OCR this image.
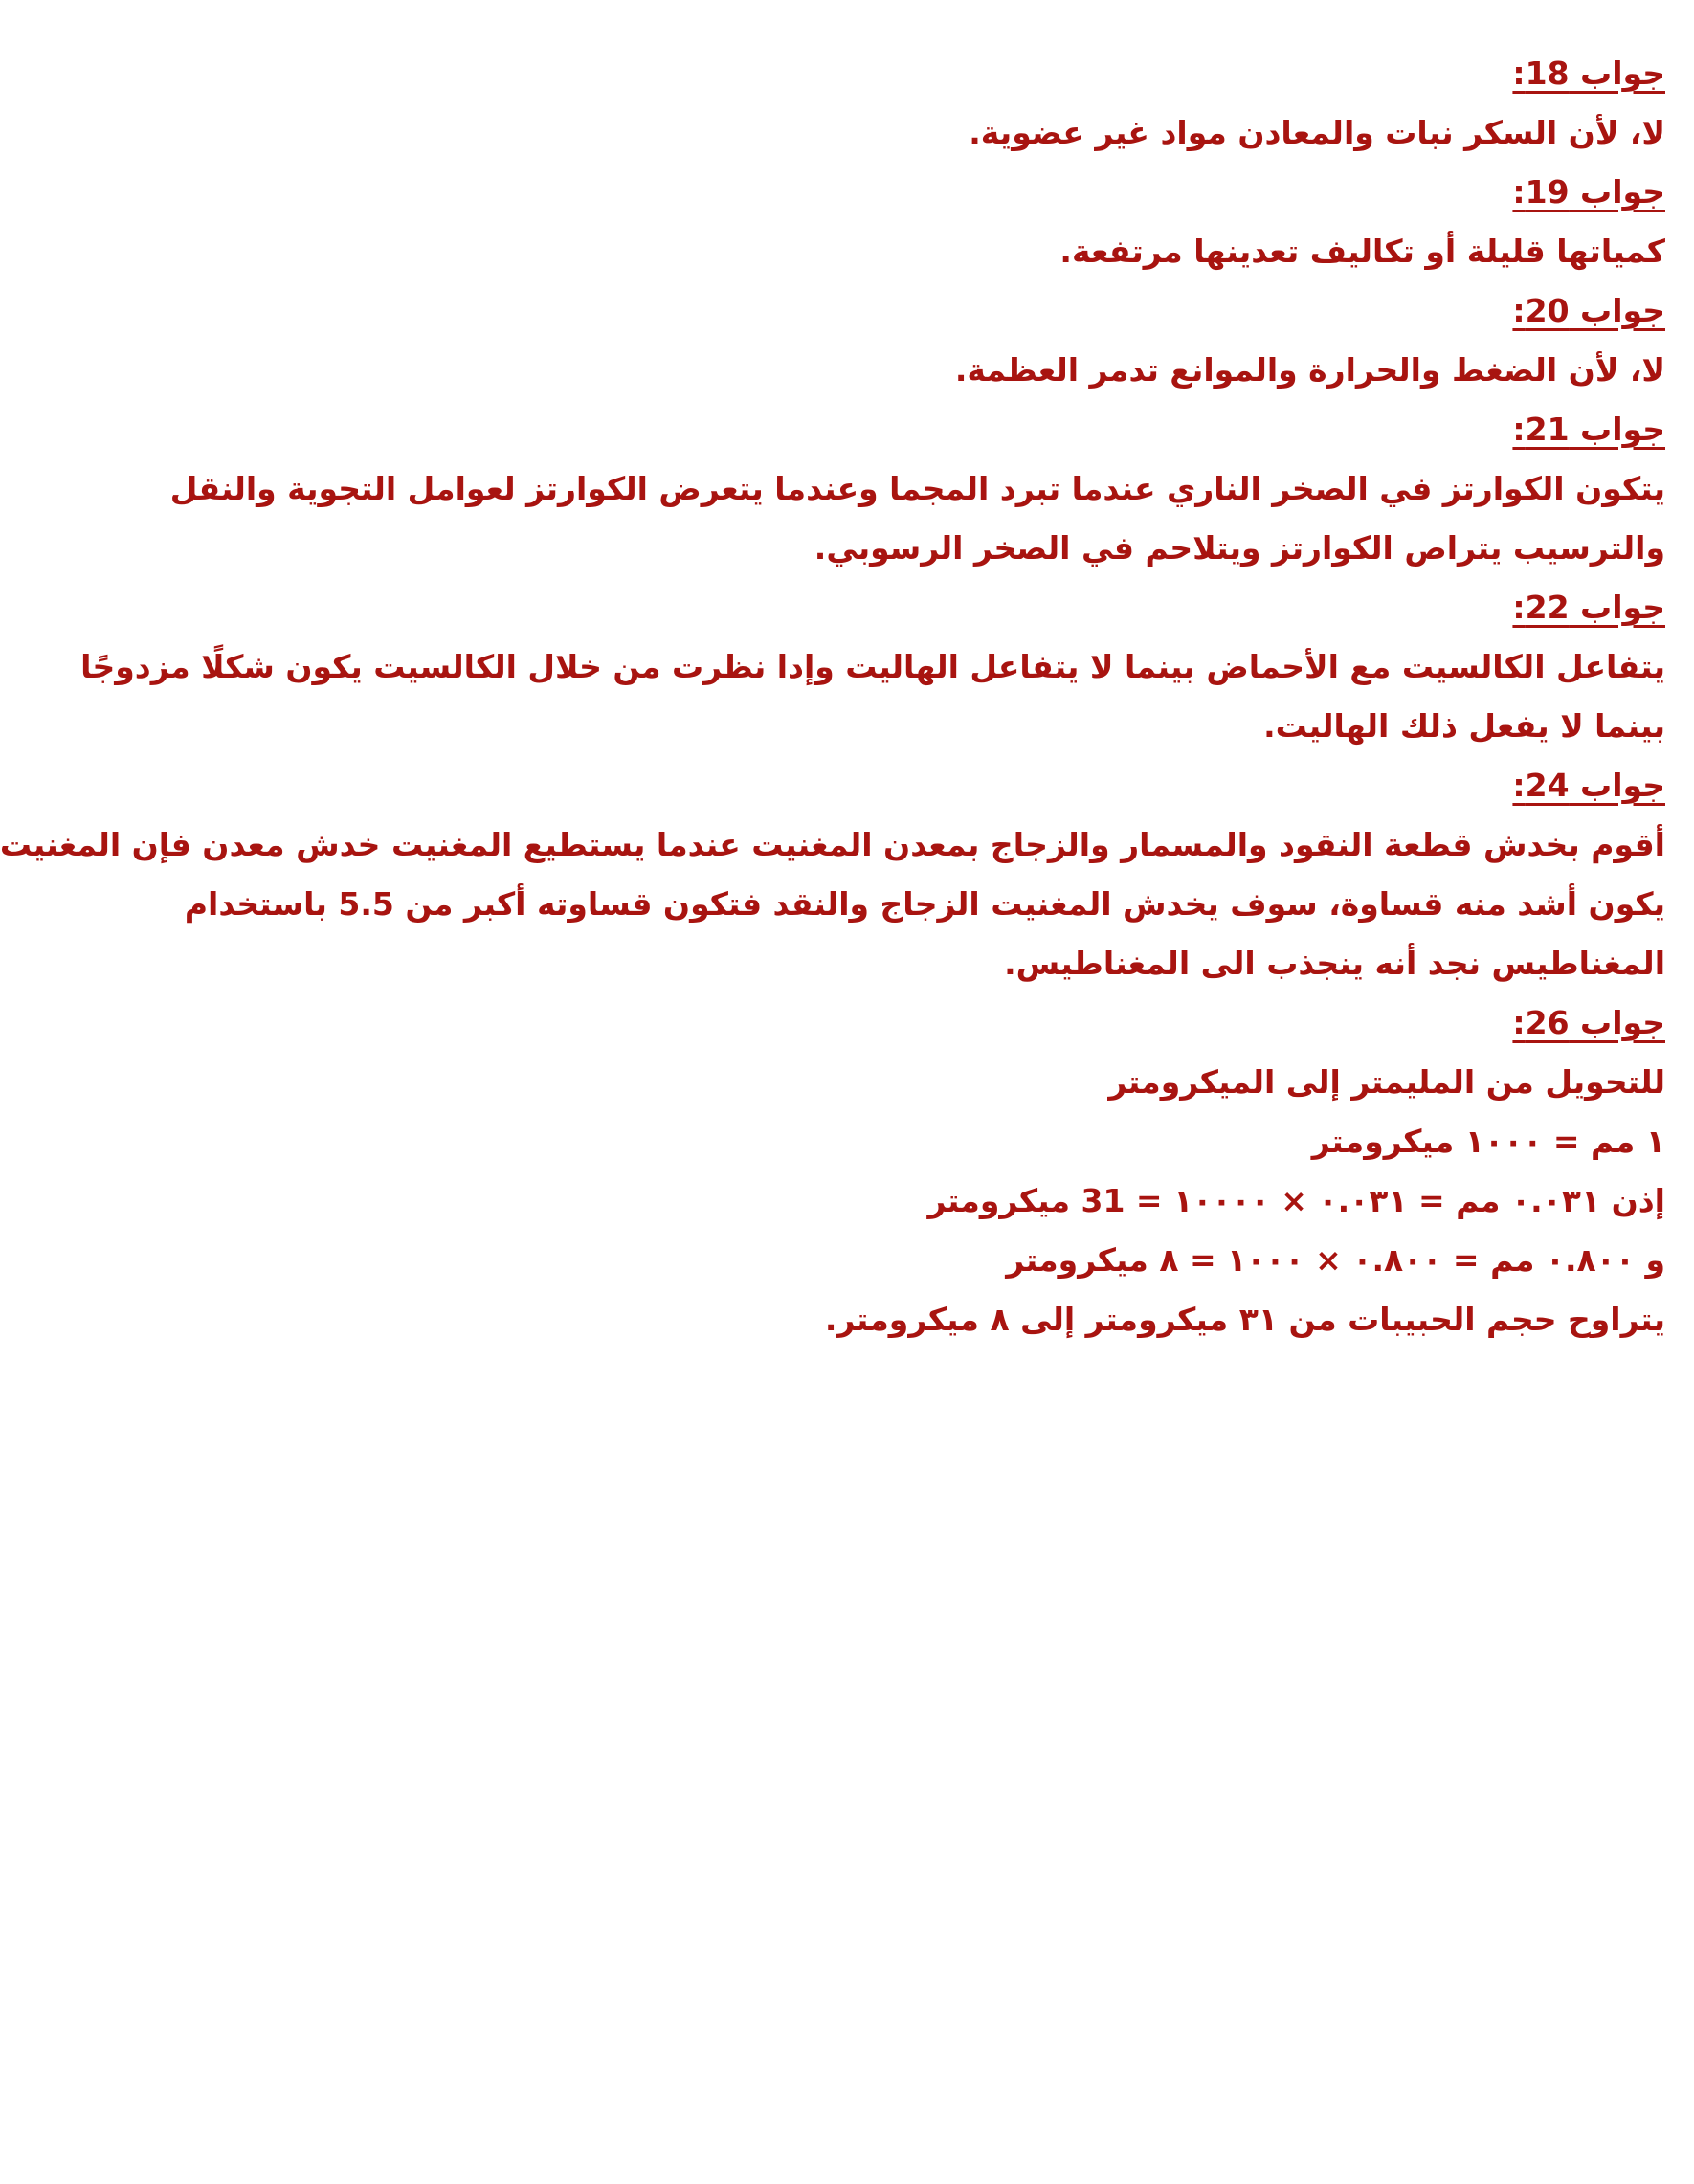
جواب 18:

لا، لأن السكر نبات والمعادن مواد غير عضوية.

جواب 19:

كمياتها قليلة أو تكاليف تعدينها مرتفعة.

جواب 20:

لا، لأن الضغط والحرارة والموانع تدمر العظمة.

جواب 21:

يتكون الكوارتز في الصخر الناري عندما تبرد المجما وعندما يتعرض الكوارتز لعوامل التجوية والنقل

والترسيب يتراص الكوارتز ويتلاحم في الصخر الرسوبي.

جواب 22:

يتفاعل الكالسيت مع الأحماض بينما لا يتفاعل الهاليت وإدا نظرت من خلال الكالسيت يكون شكلًا مزدوجًا

بينما لا يفعل ذلك الهاليت.

جواب 24:

أقوم بخدش قطعة النقود والمسمار والزجاج بمعدن المغنيت عندما يستطيع المغنيت خدش معدن فإن المغنيت

يكون أشد منه قساوة، سوف يخدش المغنيت الزجاج والنقد فتكون قساوته أكبر من 5.5 باستخدام

المغناطيس نجد أنه ينجذب الى المغناطيس.

جواب 26:

للتحويل من المليمتر إلى الميكرومتر

١ مم = ١٠٠٠ ميكرومتر

إذن ٠.٠٣١ مم = ٠.٠٣١ × ١٠٠٠٠ = 31 ميكرومتر

و ٠.٨٠٠ مم = ٠.٨٠٠ × ١٠٠٠ = ٨ ميكرومتر

يتراوح حجم الحبيبات من ٣١ ميكرومتر إلى ٨ ميكرومتر.
